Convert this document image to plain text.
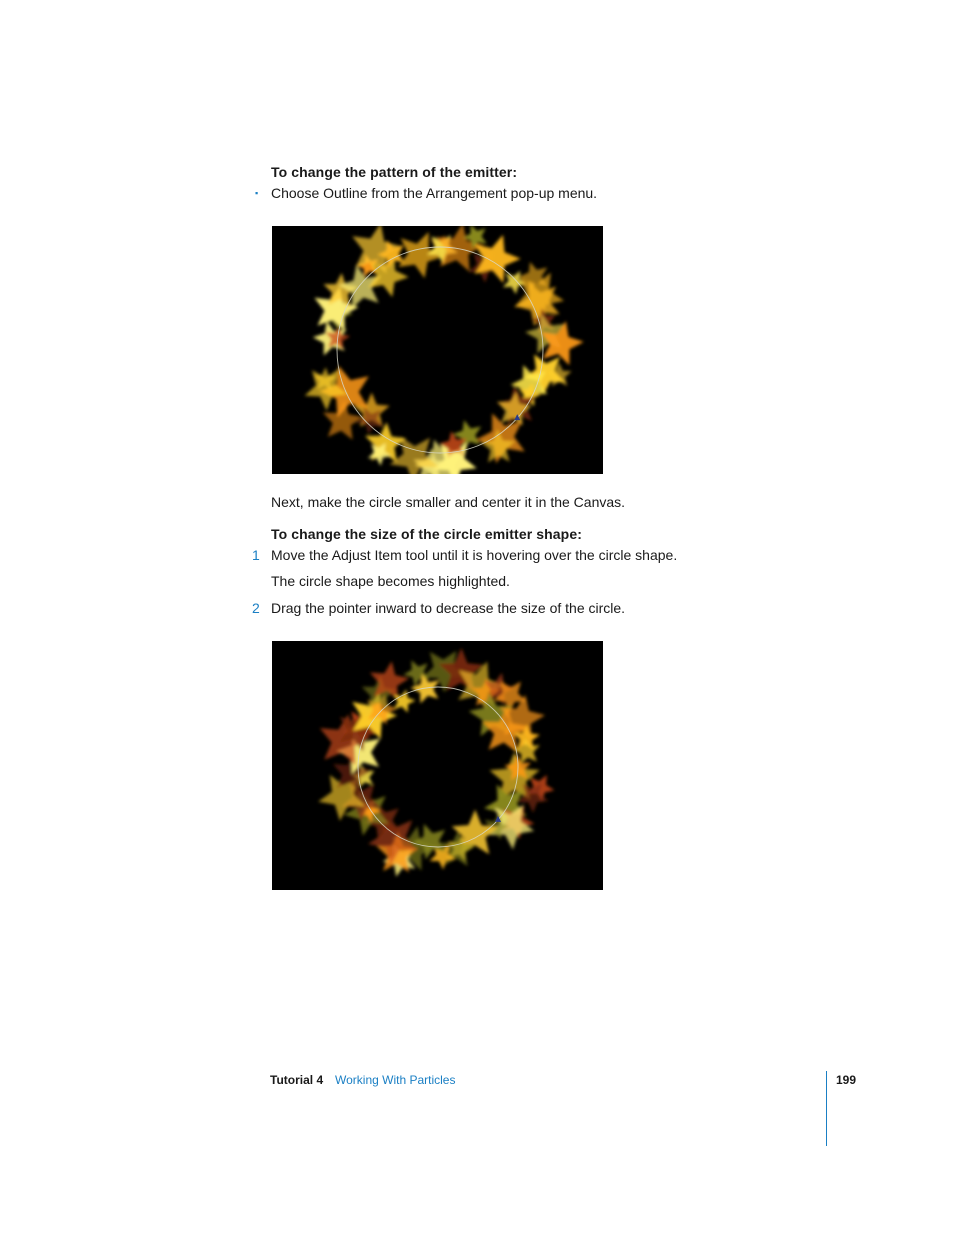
To change the pattern of the emitter:
▪ Choose Outline from the Arrangement pop-up menu.
Next, make the circle smaller and center it in the Canvas.
To change the size of the circle emitter shape:
1 Move the Adjust Item tool until it is hovering over the circle shape.
The circle shape becomes highlighted.
2 Drag the pointer inward to decrease the size of the circle.
Tutorial 4 Working With Particles	199
